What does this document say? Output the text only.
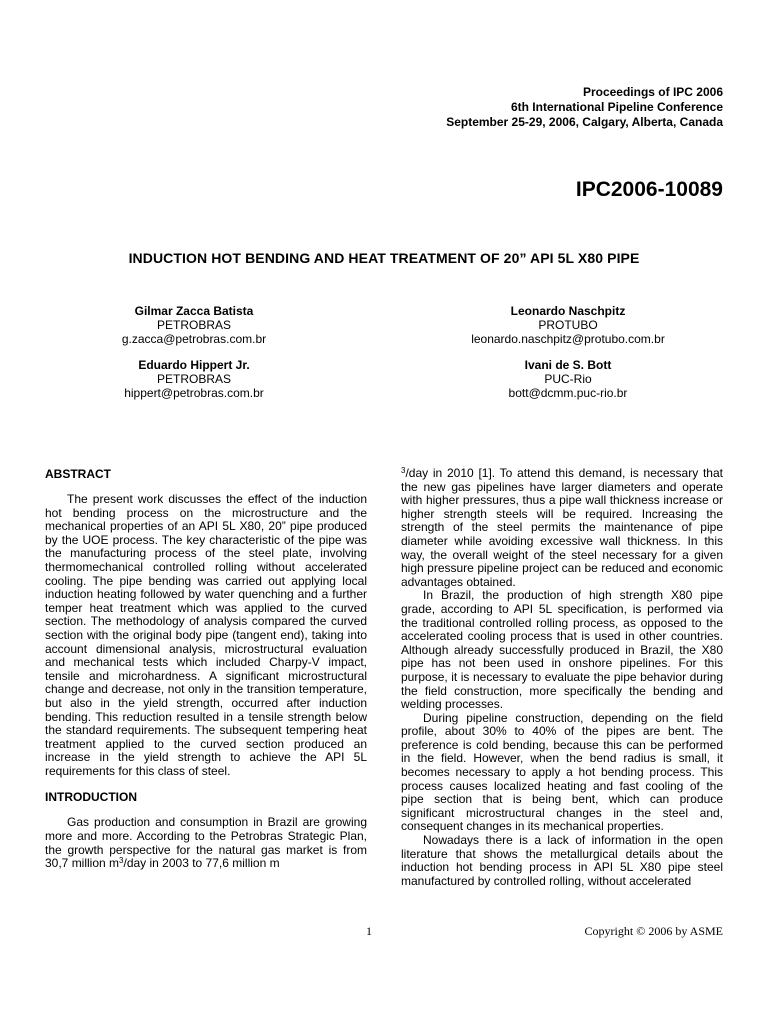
Proceedings of IPC 2006
6th International Pipeline Conference
September 25-29, 2006, Calgary, Alberta, Canada
IPC2006-10089
INDUCTION HOT BENDING AND HEAT TREATMENT OF 20” API 5L X80 PIPE
Gilmar Zacca Batista
PETROBRAS
g.zacca@petrobras.com.br
Leonardo Naschpitz
PROTUBO
leonardo.naschpitz@protubo.com.br
Eduardo Hippert Jr.
PETROBRAS
hippert@petrobras.com.br
Ivani de S. Bott
PUC-Rio
bott@dcmm.puc-rio.br
ABSTRACT

The present work discusses the effect of the induction hot bending process on the microstructure and the mechanical properties of an API 5L X80, 20” pipe produced by the UOE process. The key characteristic of the pipe was the manufacturing process of the steel plate, involving thermomechanical controlled rolling without accelerated cooling. The pipe bending was carried out applying local induction heating followed by water quenching and a further temper heat treatment which was applied to the curved section. The methodology of analysis compared the curved section with the original body pipe (tangent end), taking into account dimensional analysis, microstructural evaluation and mechanical tests which included Charpy-V impact, tensile and microhardness. A significant microstructural change and decrease, not only in the transition temperature, but also in the yield strength, occurred after induction bending. This reduction resulted in a tensile strength below the standard requirements. The subsequent tempering heat treatment applied to the curved section produced an increase in the yield strength to achieve the API 5L requirements for this class of steel.

INTRODUCTION

Gas production and consumption in Brazil are growing more and more. According to the Petrobras Strategic Plan, the growth perspective for the natural gas market is from 30,7 million $m^3$/day in 2003 to 77,6 million m

$^3$/day in 2010 [1]. To attend this demand, is necessary that the new gas pipelines have larger diameters and operate with higher pressures, thus a pipe wall thickness increase or higher strength steels will be required. Increasing the strength of the steel permits the maintenance of pipe diameter while avoiding excessive wall thickness. In this way, the overall weight of the steel necessary for a given high pressure pipeline project can be reduced and economic advantages obtained.

In Brazil, the production of high strength X80 pipe grade, according to API 5L specification, is performed via the traditional controlled rolling process, as opposed to the accelerated cooling process that is used in other countries. Although already successfully produced in Brazil, the X80 pipe has not been used in onshore pipelines. For this purpose, it is necessary to evaluate the pipe behavior during the field construction, more specifically the bending and welding processes.

During pipeline construction, depending on the field profile, about 30% to 40% of the pipes are bent. The preference is cold bending, because this can be performed in the field. However, when the bend radius is small, it becomes necessary to apply a hot bending process. This process causes localized heating and fast cooling of the pipe section that is being bent, which can produce significant microstructural changes in the steel and, consequent changes in its mechanical properties.

Nowadays there is a lack of information in the open literature that shows the metallurgical details about the induction hot bending process in API 5L X80 pipe steel manufactured by controlled rolling, without accelerated

1	Copyright © 2006 by ASME
